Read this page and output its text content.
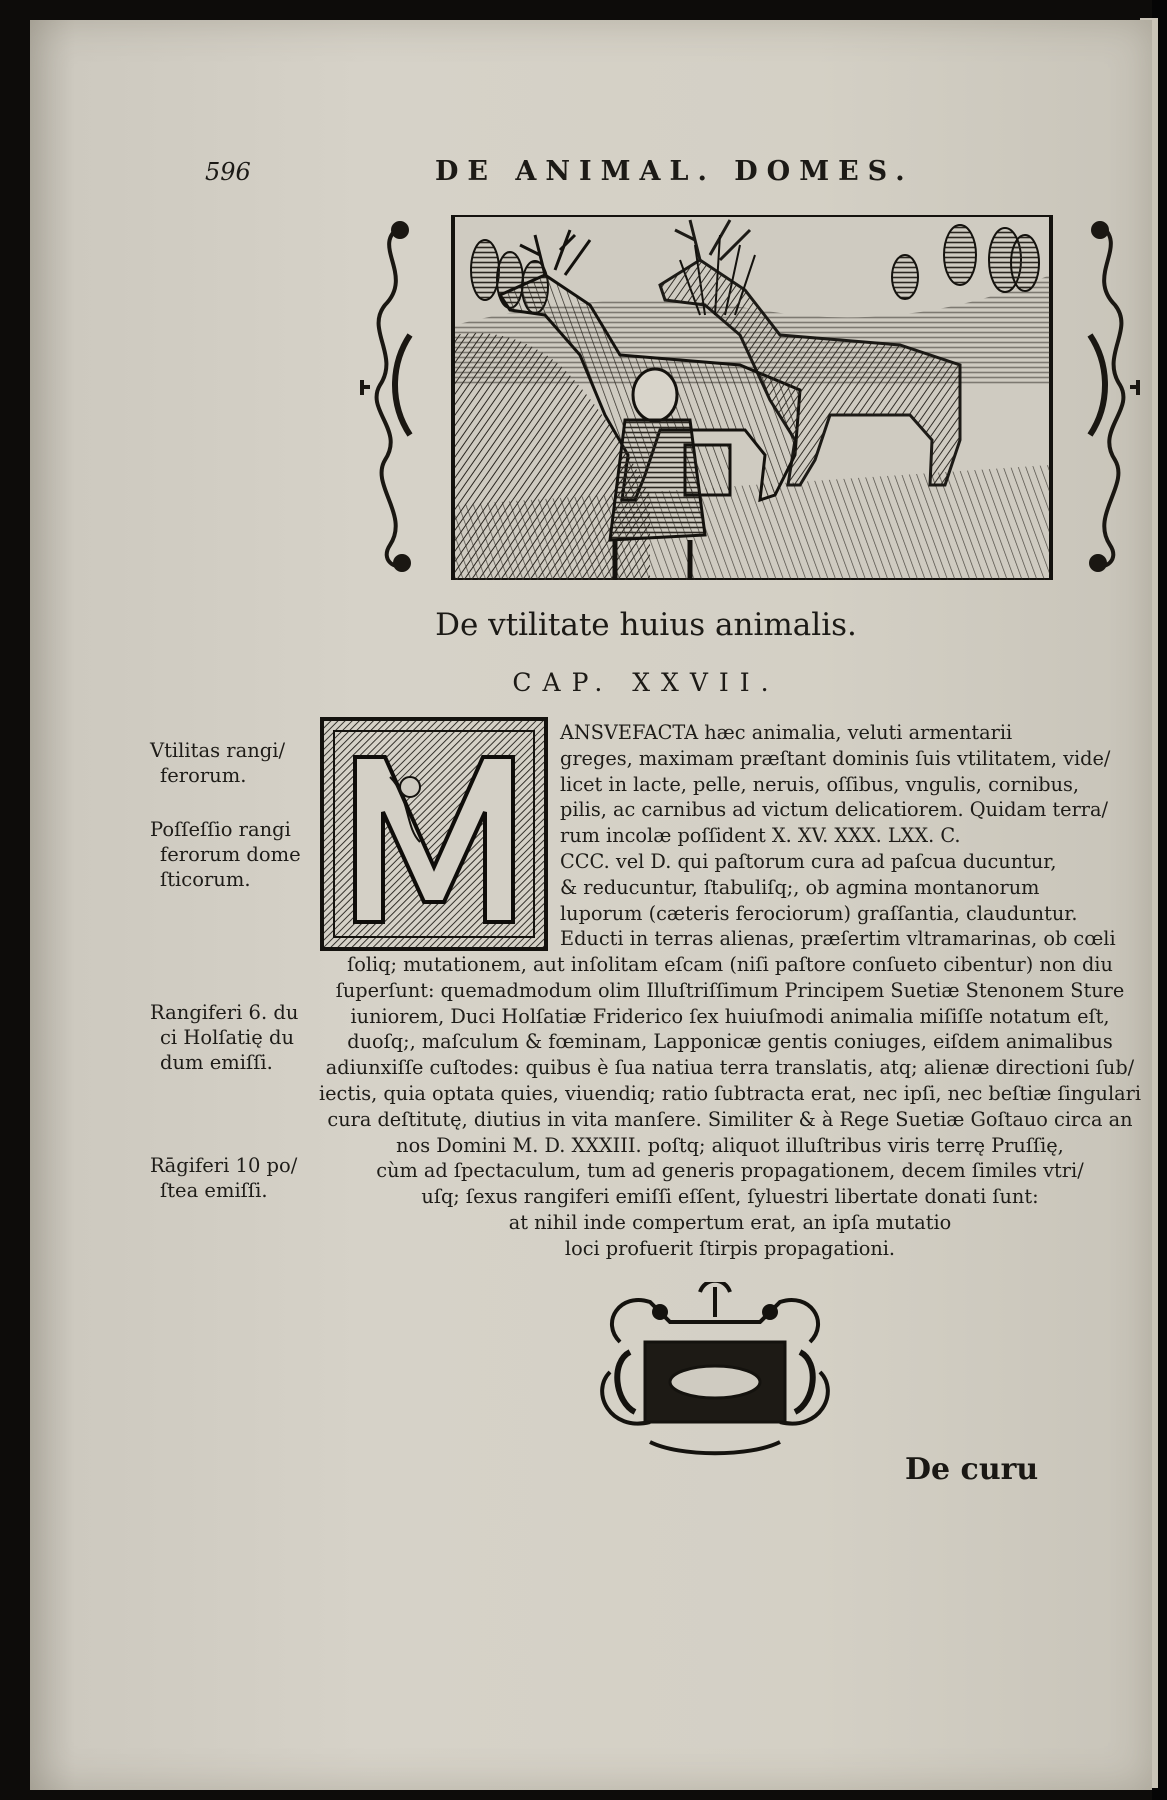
596	DE ANIMAL. DOMES.
De vtilitate huius animalis.
CAP. XXVII.
ANSVEFACTA hæc animalia, veluti armentarii
greges, maximam præſtant dominis ſuis vtilitatem, vide/
licet in lacte, pelle, neruis, oſſibus, vngulis, cornibus,
pilis, ac carnibus ad victum delicatiorem. Quidam terra/
rum incolæ poſſident X. XV. XXX. LXX. C.
CCC. vel D. qui paſtorum cura ad paſcua ducuntur,
& reducuntur, ſtabuliſq;, ob agmina montanorum
luporum (cæteris ferociorum) graſſantia, clauduntur.
Educti in terras alienas, præſertim vltramarinas, ob cœli
ſoliq; mutationem, aut inſolitam eſcam (niſi paſtore conſueto cibentur) non diu
ſuperſunt: quemadmodum olim Illuſtriſſimum Principem Suetiæ Stenonem Sture
iuniorem, Duci Holſatiæ Friderico ſex huiuſmodi animalia miſiſſe notatum eſt,
duoſq;, maſculum & fœminam, Lapponicæ gentis coniuges, eiſdem animalibus
adiunxiſſe cuſtodes: quibus è ſua natiua terra translatis, atq; alienæ directioni ſub/
iectis, quia optata quies, viuendiq; ratio ſubtracta erat, nec ipſi, nec beſtiæ ſingulari
cura deſtitutę, diutius in vita manſere. Similiter & à Rege Suetiæ Goſtauo circa an
nos Domini M. D. XXXIII. poſtq; aliquot illuſtribus viris terrę Pruſſię,
cùm ad ſpectaculum, tum ad generis propagationem, decem ſimiles vtri/
uſq; ſexus rangiferi emiſſi eſſent, ſyluestri libertate donati ſunt:
at nihil inde compertum erat, an ipſa mutatio
loci profuerit ſtirpis propagationi.
Vtilitas rangi/
ferorum.
Poſſeſſio rangi
ferorum dome
ſticorum.
Rangiferi 6. du
ci Holſatię du
dum emiſſi.
Rāgiferi 10 po/
ſtea emiſſi.
De curu
